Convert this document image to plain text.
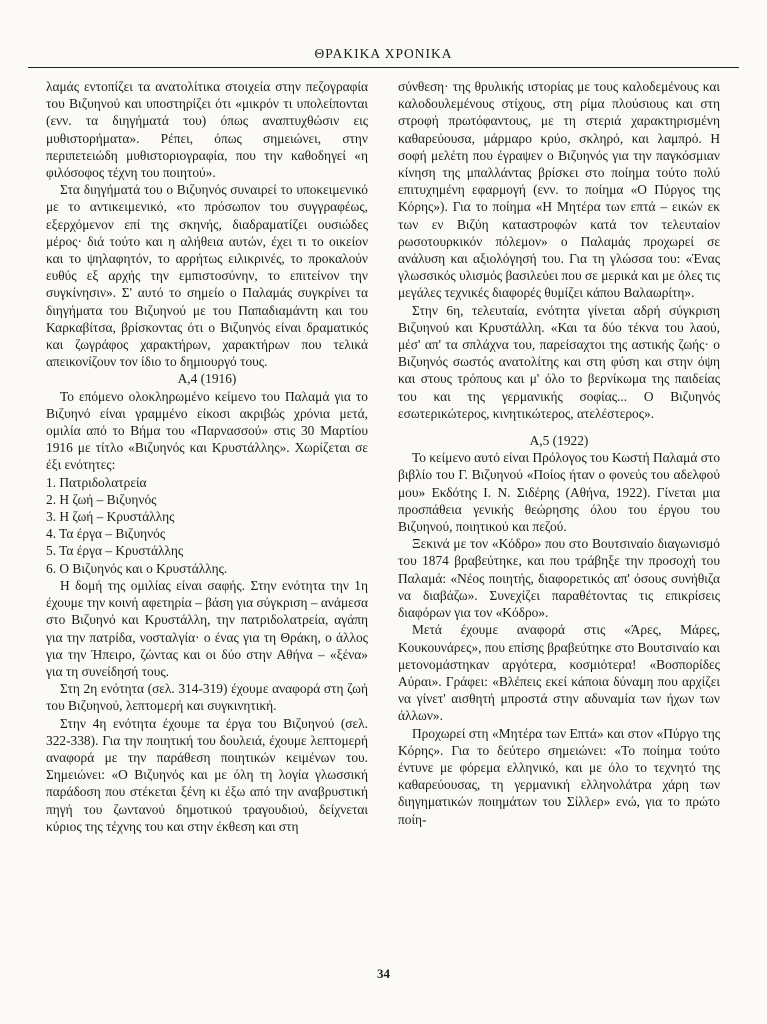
ΘΡΑΚΙΚΑ ΧΡΟΝΙΚΑ

λαμάς εντοπίζει τα ανατολίτικα στοιχεία στην πεζογραφία του Βιζυηνού και υποστηρίζει ότι «μικρόν τι υπολείπονται (ενν. τα διηγήματά του) όπως αναπτυχθώσιν εις μυθιστορήματα». Ρέπει, όπως σημειώνει, στην περιπετειώδη μυθιστοριογραφία, που την καθοδηγεί «η φιλόσοφος τέχνη του ποιητού».

Στα διηγήματά του ο Βιζυηνός συναιρεί το υποκειμενικό με το αντικειμενικό, «το πρόσωπον του συγγραφέως, εξερχόμενον επί της σκηνής, διαδραματίζει ουσιώδες μέρος· διά τούτο και η αλήθεια αυτών, έχει τι το οικείον και το ψηλαφητόν, το αρρήτως ειλικρινές, το προκαλούν ευθύς εξ αρχής την εμπιστοσύνην, το επιτείνον την συγκίνησιν». Σ' αυτό το σημείο ο Παλαμάς συγκρίνει τα διηγήματα του Βιζυηνού με του Παπαδιαμάντη και του Καρκαβίτσα, βρίσκοντας ότι ο Βιζυηνός είναι δραματικός και ζωγράφος χαρακτήρων, χαρακτήρων που τελικά απεικονίζουν τον ίδιο το δημιουργό τους.

A,4 (1916)

Το επόμενο ολοκληρωμένο κείμενο του Παλαμά για το Βιζυηνό είναι γραμμένο είκοσι ακριβώς χρόνια μετά, ομιλία από το Βήμα του «Παρνασσού» στις 30 Μαρτίου 1916 με τίτλο «Βιζυηνός και Κρυστάλλης». Χωρίζεται σε έξι ενότητες:

1. Πατριδολατρεία
2. Η ζωή – Βιζυηνός
3. Η ζωή – Κρυστάλλης
4. Τα έργα – Βιζυηνός
5. Τα έργα – Κρυστάλλης
6. Ο Βιζυηνός και ο Κρυστάλλης.

Η δομή της ομιλίας είναι σαφής. Στην ενότητα την 1η έχουμε την κοινή αφετηρία – βάση για σύγκριση – ανάμεσα στο Βιζυηνό και Κρυστάλλη, την πατριδολατρεία, αγάπη για την πατρίδα, νοσταλγία· ο ένας για τη Θράκη, ο άλλος για την Ήπειρο, ζώντας και οι δύο στην Αθήνα – «ξένα» για τη συνείδησή τους.

Στη 2η ενότητα (σελ. 314-319) έχουμε αναφορά στη ζωή του Βιζυηνού, λεπτομερή και συγκινητική.

Στην 4η ενότητα έχουμε τα έργα του Βιζυηνού (σελ. 322-338). Για την ποιητική του δουλειά, έχουμε λεπτομερή αναφορά με την παράθεση ποιητικών κειμένων του. Σημειώνει: «Ο Βιζυηνός και με όλη τη λογία γλωσσική παράδοση που στέκεται ξένη κι έξω από την αναβρυστική πηγή του ζωντανού δημοτικού τραγουδιού, δείχνεται κύριος της τέχνης του και στην έκθεση και στη

σύνθεση· της θρυλικής ιστορίας με τους καλοδεμένους και καλοδουλεμένους στίχους, στη ρίμα πλούσιους και στη στροφή πρωτόφαντους, με τη στεριά χαρακτηρισμένη καθαρεύουσα, μάρμαρο κρύο, σκληρό, και λαμπρό. Η σοφή μελέτη που έγραψεν ο Βιζυηνός για την παγκόσμιαν κίνηση της μπαλλάντας βρίσκει στο ποίημα τούτο πολύ επιτυχημένη εφαρμογή (ενν. το ποίημα «Ο Πύργος της Κόρης»). Για το ποίημα «Η Μητέρα των επτά – εικών εκ των εν Βιζύη καταστροφών κατά τον τελευταίον ρωσοτουρκικόν πόλεμον» ο Παλαμάς προχωρεί σε ανάλυση και αξιολόγησή του. Για τη γλώσσα του: «Ένας γλωσσικός υλισμός βασιλεύει που σε μερικά και με όλες τις μεγάλες τεχνικές διαφορές θυμίζει κάπου Βαλαωρίτη».

Στην 6η, τελευταία, ενότητα γίνεται αδρή σύγκριση Βιζυηνού και Κρυστάλλη. «Και τα δύο τέκνα του λαού, μέσ' απ' τα σπλάχνα του, παρείσαχτοι της αστικής ζωής· ο Βιζυηνός σωστός ανατολίτης και στη φύση και στην όψη και στους τρόπους και μ' όλο το βερνίκωμα της παιδείας του και της γερμανικής σοφίας... Ο Βιζυηνός εσωτερικώτερος, κινητικώτερος, ατελέστερος».

A,5 (1922)

Το κείμενο αυτό είναι Πρόλογος του Κωστή Παλαμά στο βιβλίο του Γ. Βιζυηνού «Ποίος ήταν ο φονεύς του αδελφού μου» Εκδότης Ι. Ν. Σιδέρης (Αθήνα, 1922). Γίνεται μια προσπάθεια γενικής θεώρησης όλου του έργου του Βιζυηνού, ποιητικού και πεζού.

Ξεκινά με τον «Κόδρο» που στο Βουτσιναίο διαγωνισμό του 1874 βραβεύτηκε, και που τράβηξε την προσοχή του Παλαμά: «Νέος ποιητής, διαφορετικός απ' όσους συνήθιζα να διαβάζω». Συνεχίζει παραθέτοντας τις επικρίσεις διαφόρων για τον «Κόδρο».

Μετά έχουμε αναφορά στις «Άρες, Μάρες, Κουκουνάρες», που επίσης βραβεύτηκε στο Βουτσιναίο και μετονομάστηκαν αργότερα, κοσμιότερα! «Βοσπορίδες Αύραι». Γράφει: «Βλέπεις εκεί κάποια δύναμη που αρχίζει να γίνετ' αισθητή μπροστά στην αδυναμία των ήχων των άλλων».

Προχωρεί στη «Μητέρα των Επτά» και στον «Πύργο της Κόρης». Για το δεύτερο σημειώνει: «Το ποίημα τούτο έντυνε με φόρεμα ελληνικό, και με όλο το τεχνητό της καθαρεύουσας, τη γερμανική ελληνολάτρα χάρη των διηγηματικών ποιημάτων του Σίλλερ» ενώ, για το πρώτο ποίη-

34
